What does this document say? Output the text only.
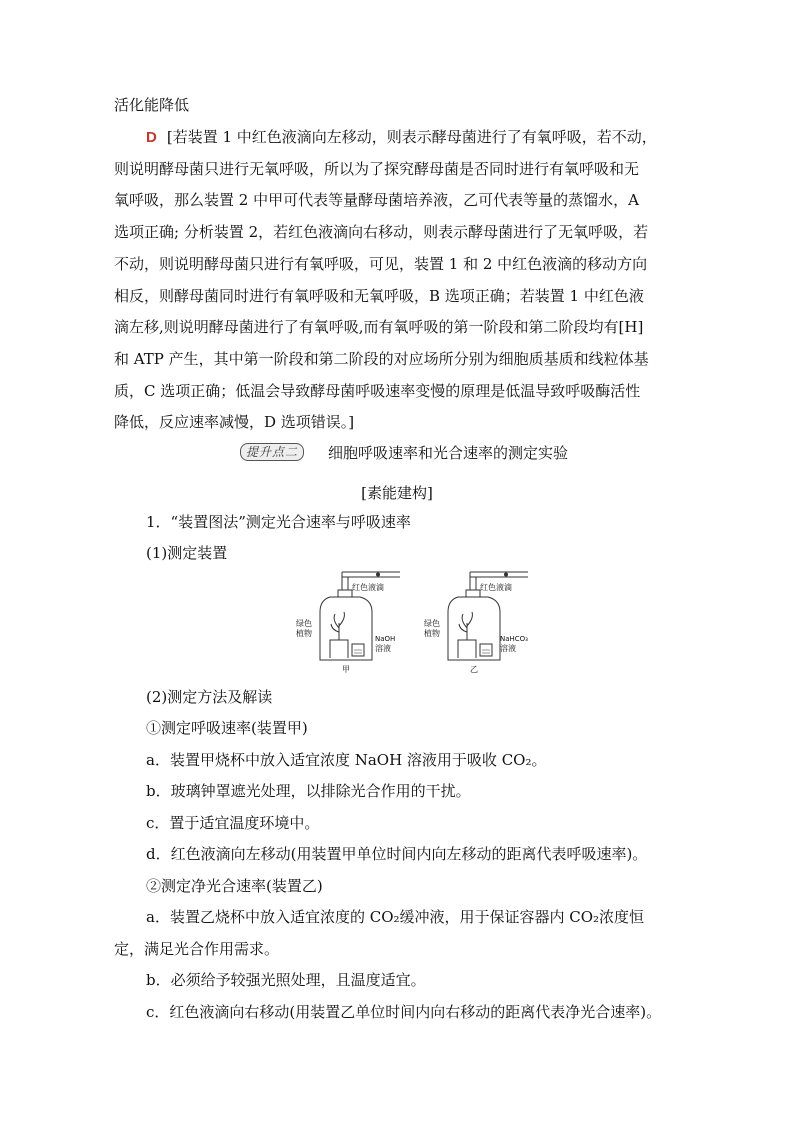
活化能降低
D [若装置 1 中红色液滴向左移动，则表示酵母菌进行了有氧呼吸，若不动，
则说明酵母菌只进行无氧呼吸，所以为了探究酵母菌是否同时进行有氧呼吸和无
氧呼吸，那么装置 2 中甲可代表等量酵母菌培养液，乙可代表等量的蒸馏水，A
选项正确; 分析装置 2，若红色液滴向右移动，则表示酵母菌进行了无氧呼吸，若
不动，则说明酵母菌只进行有氧呼吸，可见，装置 1 和 2 中红色液滴的移动方向
相反，则酵母菌同时进行有氧呼吸和无氧呼吸，B 选项正确；若装置 1 中红色液
滴左移,则说明酵母菌进行了有氧呼吸,而有氧呼吸的第一阶段和第二阶段均有[H]
和 ATP 产生，其中第一阶段和第二阶段的对应场所分别为细胞质基质和线粒体基
质，C 选项正确；低温会导致酵母菌呼吸速率变慢的原理是低温导致呼吸酶活性
降低，反应速率减慢，D 选项错误。]
提升点二	细胞呼吸速率和光合速率的测定实验
[素能建构]
1．“装置图法”测定光合速率与呼吸速率
(1)测定装置
红色液滴
绿色
植物
NaOH
溶液
甲
红色液滴
绿色
植物
NaHCO₃
溶液
乙
(2)测定方法及解读
①测定呼吸速率(装置甲)
a．装置甲烧杯中放入适宜浓度 NaOH 溶液用于吸收 CO₂。
b．玻璃钟罩遮光处理，以排除光合作用的干扰。
c．置于适宜温度环境中。
d．红色液滴向左移动(用装置甲单位时间内向左移动的距离代表呼吸速率)。
②测定净光合速率(装置乙)
a．装置乙烧杯中放入适宜浓度的 CO₂缓冲液，用于保证容器内 CO₂浓度恒
定，满足光合作用需求。
b．必须给予较强光照处理，且温度适宜。
c．红色液滴向右移动(用装置乙单位时间内向右移动的距离代表净光合速率)。
